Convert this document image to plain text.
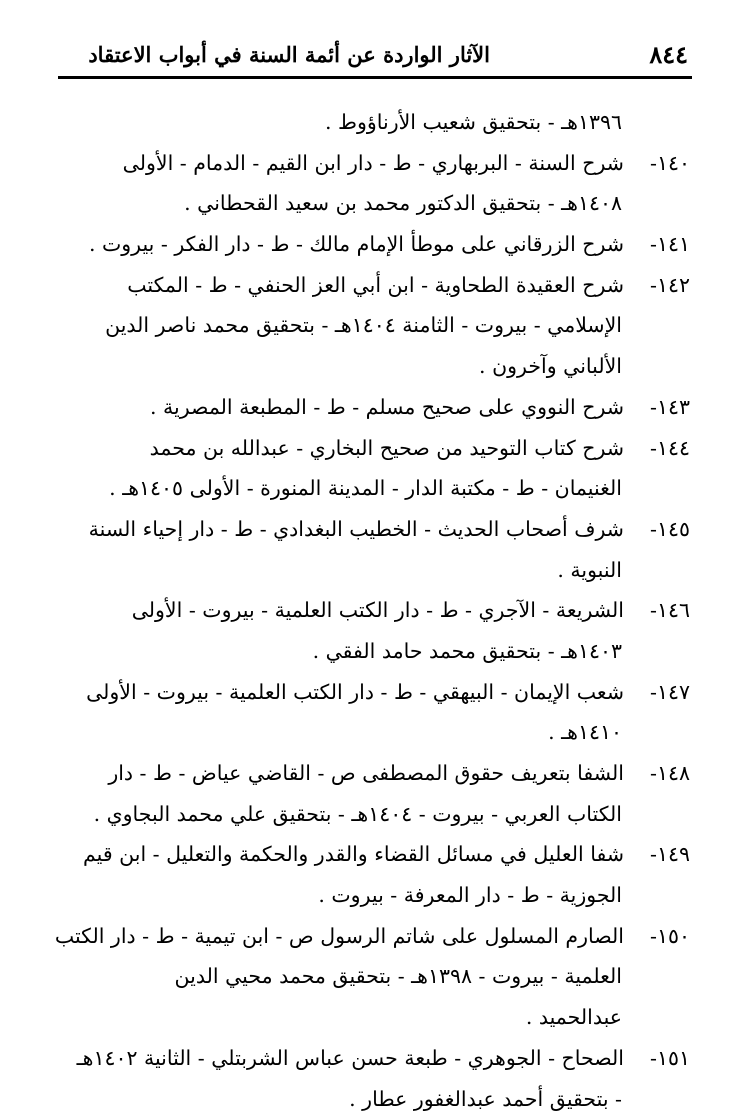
٨٤٤
الآثار الواردة عن أئمة السنة في أبواب الاعتقاد
١٣٩٦هـ - بتحقيق شعيب الأرناؤوط .
١٤٠-
شرح السنة - البربهاري - ط - دار ابن القيم - الدمام - الأولى
١٤٠٨هـ - بتحقيق الدكتور محمد بن سعيد القحطاني .
١٤١-
شرح الزرقاني على موطأ الإمام مالك - ط - دار الفكر - بيروت .
١٤٢-
شرح العقيدة الطحاوية - ابن أبي العز الحنفي - ط - المكتب
الإسلامي - بيروت - الثامنة ١٤٠٤هـ - بتحقيق محمد ناصر الدين
الألباني وآخرون .
١٤٣-
شرح النووي على صحيح مسلم - ط - المطبعة المصرية .
١٤٤-
شرح كتاب التوحيد من صحيح البخاري - عبدالله بن محمد
الغنيمان - ط - مكتبة الدار - المدينة المنورة - الأولى ١٤٠٥هـ .
١٤٥-
شرف أصحاب الحديث - الخطيب البغدادي - ط - دار إحياء السنة
النبوية .
١٤٦-
الشريعة - الآجري - ط - دار الكتب العلمية - بيروت - الأولى
١٤٠٣هـ - بتحقيق محمد حامد الفقي .
١٤٧-
شعب الإيمان - البيهقي - ط - دار الكتب العلمية - بيروت - الأولى
١٤١٠هـ .
١٤٨-
الشفا بتعريف حقوق المصطفى ص - القاضي عياض - ط - دار
الكتاب العربي - بيروت - ١٤٠٤هـ - بتحقيق علي محمد البجاوي .
١٤٩-
شفا العليل في مسائل القضاء والقدر والحكمة والتعليل - ابن قيم
الجوزية - ط - دار المعرفة - بيروت .
١٥٠-
الصارم المسلول على شاتم الرسول ص - ابن تيمية - ط - دار الكتب
العلمية - بيروت - ١٣٩٨هـ - بتحقيق محمد محيي الدين
عبدالحميد .
١٥١-
الصحاح - الجوهري - طبعة حسن عباس الشربتلي - الثانية ١٤٠٢هـ
- بتحقيق أحمد عبدالغفور عطار .
